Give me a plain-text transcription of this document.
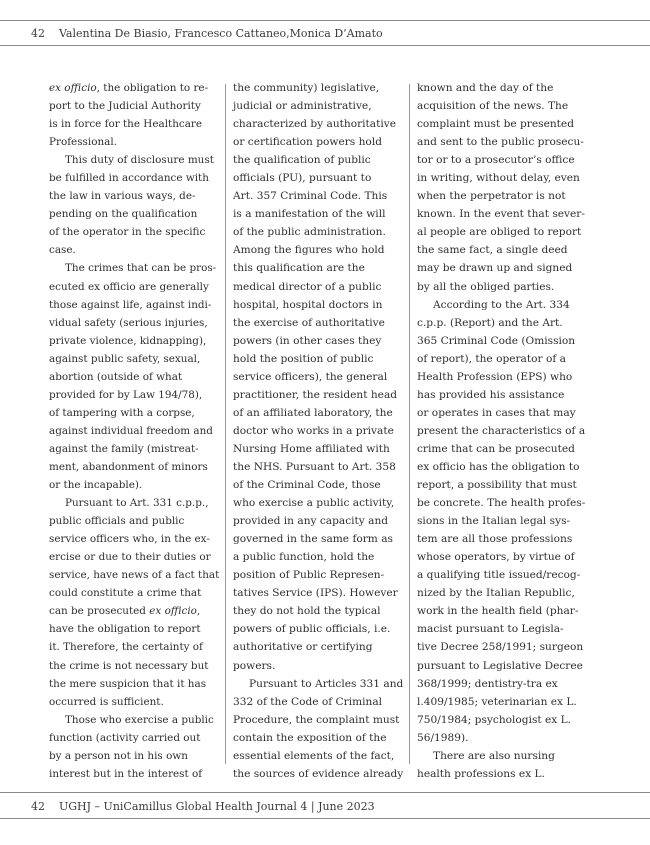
42 Valentina De Biasio, Francesco Cattaneo,Monica D’Amato

ex officio, the obligation to re-

port to the Judicial Authority

is in force for the Healthcare

Professional.

This duty of disclosure must

be fulfilled in accordance with

the law in various ways, de-

pending on the qualification

of the operator in the specific

case.

The crimes that can be pros-

ecuted ex officio are generally

those against life, against indi-

vidual safety (serious injuries,

private violence, kidnapping),

against public safety, sexual,

abortion (outside of what

provided for by Law 194/78),

of tampering with a corpse,

against individual freedom and

against the family (mistreat-

ment, abandonment of minors

or the incapable).

Pursuant to Art. 331 c.p.p.,

public officials and public

service officers who, in the ex-

ercise or due to their duties or

service, have news of a fact that

could constitute a crime that

can be prosecuted ex officio,

have the obligation to report

it. Therefore, the certainty of

the crime is not necessary but

the mere suspicion that it has

occurred is sufficient.

Those who exercise a public

function (activity carried out

by a person not in his own

interest but in the interest of

the community) legislative,

judicial or administrative,

characterized by authoritative

or certification powers hold

the qualification of public

officials (PU), pursuant to

Art. 357 Criminal Code. This

is a manifestation of the will

of the public administration.

Among the figures who hold

this qualification are the

medical director of a public

hospital, hospital doctors in

the exercise of authoritative

powers (in other cases they

hold the position of public

service officers), the general

practitioner, the resident head

of an affiliated laboratory, the

doctor who works in a private

Nursing Home affiliated with

the NHS. Pursuant to Art. 358

of the Criminal Code, those

who exercise a public activity,

provided in any capacity and

governed in the same form as

a public function, hold the

position of Public Represen-

tatives Service (IPS). However

they do not hold the typical

powers of public officials, i.e.

authoritative or certifying

powers.

Pursuant to Articles 331 and

332 of the Code of Criminal

Procedure, the complaint must

contain the exposition of the

essential elements of the fact,

the sources of evidence already

known and the day of the

acquisition of the news. The

complaint must be presented

and sent to the public prosecu-

tor or to a prosecutor’s office

in writing, without delay, even

when the perpetrator is not

known. In the event that sever-

al people are obliged to report

the same fact, a single deed

may be drawn up and signed

by all the obliged parties.

According to the Art. 334

c.p.p. (Report) and the Art.

365 Criminal Code (Omission

of report), the operator of a

Health Profession (EPS) who

has provided his assistance

or operates in cases that may

present the characteristics of a

crime that can be prosecuted

ex officio has the obligation to

report, a possibility that must

be concrete. The health profes-

sions in the Italian legal sys-

tem are all those professions

whose operators, by virtue of

a qualifying title issued/recog-

nized by the Italian Republic,

work in the health field (phar-

macist pursuant to Legisla-

tive Decree 258/1991; surgeon

pursuant to Legislative Decree

368/1999; dentistry-tra ex

l.409/1985; veterinarian ex L.

750/1984; psychologist ex L.

56/1989).

There are also nursing

health professions ex L.

42 UGHJ – UniCamillus Global Health Journal 4 | June 2023
